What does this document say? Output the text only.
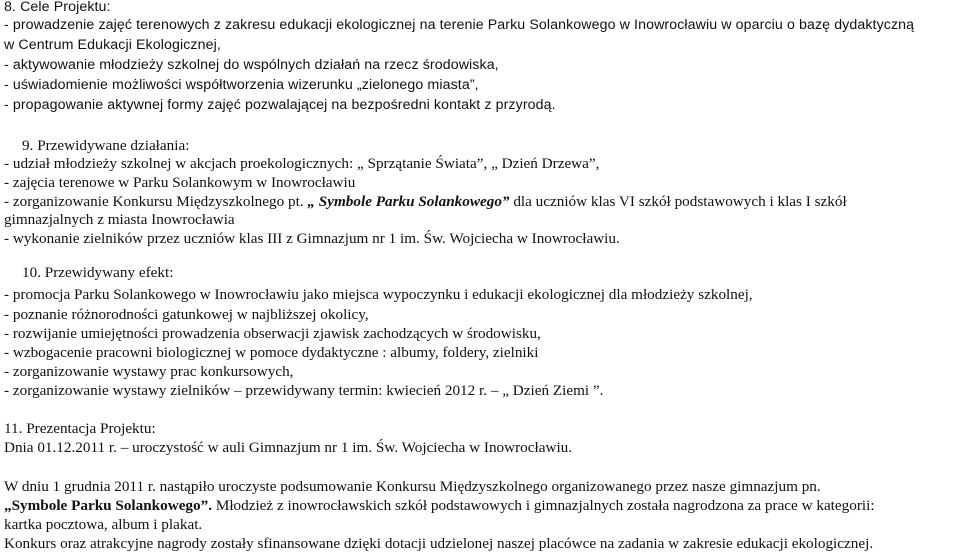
8. Cele Projektu:
- prowadzenie zajęć terenowych z zakresu edukacji ekologicznej na terenie Parku Solankowego w Inowrocławiu w oparciu o bazę dydaktyczną
w Centrum Edukacji Ekologicznej,
- aktywowanie młodzieży szkolnej do wspólnych działań na rzecz środowiska,
- uświadomienie możliwości współtworzenia wizerunku „zielonego miasta”,
- propagowanie aktywnej formy zajęć pozwalającej na bezpośredni kontakt z przyrodą.
9. Przewidywane działania:
- udział młodzieży szkolnej w akcjach proekologicznych: „ Sprzątanie Świata”, „ Dzień Drzewa”,
- zajęcia terenowe w Parku Solankowym w Inowrocławiu
- zorganizowanie Konkursu Międzyszkolnego pt. „ Symbole Parku Solankowego” dla uczniów klas VI szkół podstawowych i klas I szkół
gimnazjalnych z miasta Inowrocławia
- wykonanie zielników przez uczniów klas III z Gimnazjum nr 1 im. Św. Wojciecha w Inowrocławiu.
10. Przewidywany efekt:
- promocja Parku Solankowego w Inowrocławiu jako miejsca wypoczynku i edukacji ekologicznej dla młodzieży szkolnej,
- poznanie różnorodności gatunkowej w najbliższej okolicy,
- rozwijanie umiejętności prowadzenia obserwacji zjawisk zachodzących w środowisku,
- wzbogacenie pracowni biologicznej w pomoce dydaktyczne : albumy, foldery, zielniki
- zorganizowanie wystawy prac konkursowych,
- zorganizowanie wystawy zielników – przewidywany termin: kwiecień 2012 r. – „ Dzień Ziemi ”.
11. Prezentacja Projektu:
Dnia 01.12.2011 r. – uroczystość w auli Gimnazjum nr 1 im. Św. Wojciecha w Inowrocławiu.
W dniu 1 grudnia 2011 r. nastąpiło uroczyste podsumowanie Konkursu Międzyszkolnego organizowanego przez nasze gimnazjum pn.
„Symbole Parku Solankowego”. Młodzież z inowrocławskich szkół podstawowych i gimnazjalnych została nagrodzona za prace w kategorii:
kartka pocztowa, album i plakat.
Konkurs oraz atrakcyjne nagrody zostały sfinansowane dzięki dotacji udzielonej naszej placówce na zadania w zakresie edukacji ekologicznej.
